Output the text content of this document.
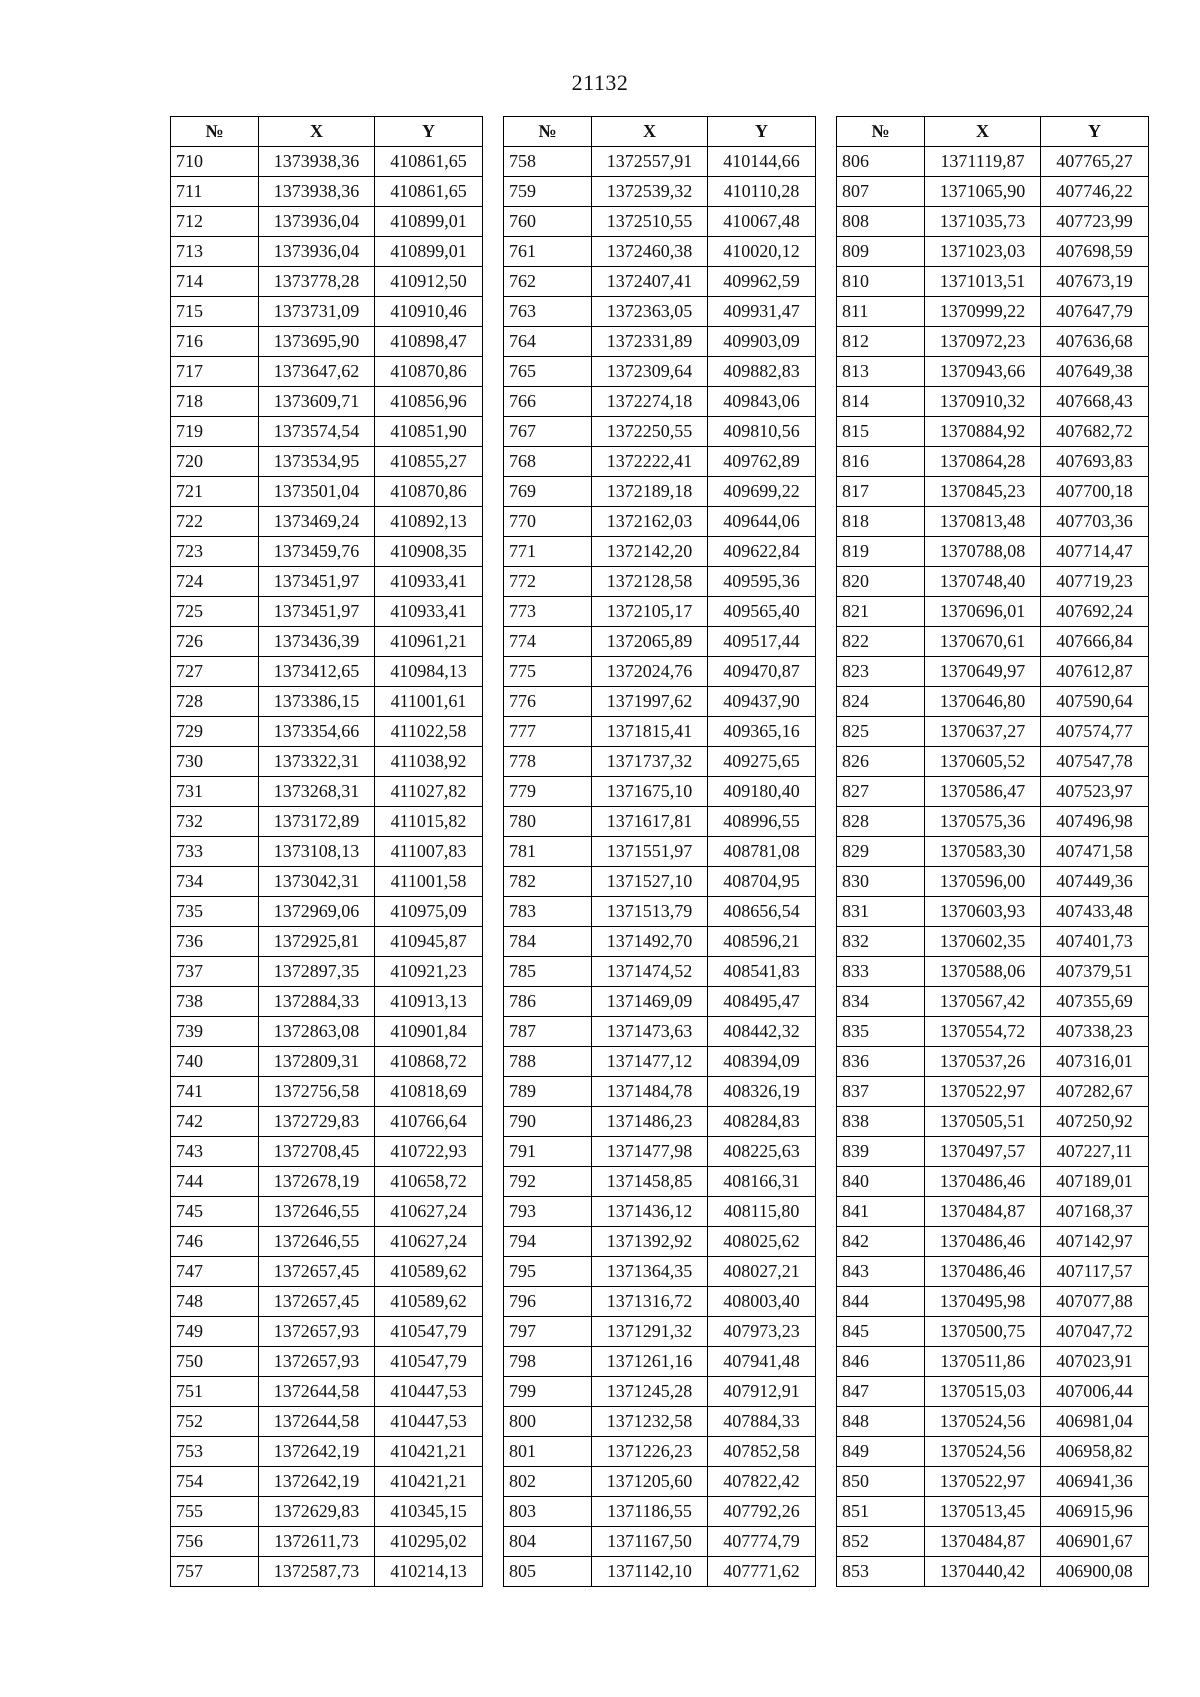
21132
№	X	Y
710	1373938,36	410861,65
711	1373938,36	410861,65
712	1373936,04	410899,01
713	1373936,04	410899,01
714	1373778,28	410912,50
715	1373731,09	410910,46
716	1373695,90	410898,47
717	1373647,62	410870,86
718	1373609,71	410856,96
719	1373574,54	410851,90
720	1373534,95	410855,27
721	1373501,04	410870,86
722	1373469,24	410892,13
723	1373459,76	410908,35
724	1373451,97	410933,41
725	1373451,97	410933,41
726	1373436,39	410961,21
727	1373412,65	410984,13
728	1373386,15	411001,61
729	1373354,66	411022,58
730	1373322,31	411038,92
731	1373268,31	411027,82
732	1373172,89	411015,82
733	1373108,13	411007,83
734	1373042,31	411001,58
735	1372969,06	410975,09
736	1372925,81	410945,87
737	1372897,35	410921,23
738	1372884,33	410913,13
739	1372863,08	410901,84
740	1372809,31	410868,72
741	1372756,58	410818,69
742	1372729,83	410766,64
743	1372708,45	410722,93
744	1372678,19	410658,72
745	1372646,55	410627,24
746	1372646,55	410627,24
747	1372657,45	410589,62
748	1372657,45	410589,62
749	1372657,93	410547,79
750	1372657,93	410547,79
751	1372644,58	410447,53
752	1372644,58	410447,53
753	1372642,19	410421,21
754	1372642,19	410421,21
755	1372629,83	410345,15
756	1372611,73	410295,02
757	1372587,73	410214,13
№	X	Y
758	1372557,91	410144,66
759	1372539,32	410110,28
760	1372510,55	410067,48
761	1372460,38	410020,12
762	1372407,41	409962,59
763	1372363,05	409931,47
764	1372331,89	409903,09
765	1372309,64	409882,83
766	1372274,18	409843,06
767	1372250,55	409810,56
768	1372222,41	409762,89
769	1372189,18	409699,22
770	1372162,03	409644,06
771	1372142,20	409622,84
772	1372128,58	409595,36
773	1372105,17	409565,40
774	1372065,89	409517,44
775	1372024,76	409470,87
776	1371997,62	409437,90
777	1371815,41	409365,16
778	1371737,32	409275,65
779	1371675,10	409180,40
780	1371617,81	408996,55
781	1371551,97	408781,08
782	1371527,10	408704,95
783	1371513,79	408656,54
784	1371492,70	408596,21
785	1371474,52	408541,83
786	1371469,09	408495,47
787	1371473,63	408442,32
788	1371477,12	408394,09
789	1371484,78	408326,19
790	1371486,23	408284,83
791	1371477,98	408225,63
792	1371458,85	408166,31
793	1371436,12	408115,80
794	1371392,92	408025,62
795	1371364,35	408027,21
796	1371316,72	408003,40
797	1371291,32	407973,23
798	1371261,16	407941,48
799	1371245,28	407912,91
800	1371232,58	407884,33
801	1371226,23	407852,58
802	1371205,60	407822,42
803	1371186,55	407792,26
804	1371167,50	407774,79
805	1371142,10	407771,62
№	X	Y
806	1371119,87	407765,27
807	1371065,90	407746,22
808	1371035,73	407723,99
809	1371023,03	407698,59
810	1371013,51	407673,19
811	1370999,22	407647,79
812	1370972,23	407636,68
813	1370943,66	407649,38
814	1370910,32	407668,43
815	1370884,92	407682,72
816	1370864,28	407693,83
817	1370845,23	407700,18
818	1370813,48	407703,36
819	1370788,08	407714,47
820	1370748,40	407719,23
821	1370696,01	407692,24
822	1370670,61	407666,84
823	1370649,97	407612,87
824	1370646,80	407590,64
825	1370637,27	407574,77
826	1370605,52	407547,78
827	1370586,47	407523,97
828	1370575,36	407496,98
829	1370583,30	407471,58
830	1370596,00	407449,36
831	1370603,93	407433,48
832	1370602,35	407401,73
833	1370588,06	407379,51
834	1370567,42	407355,69
835	1370554,72	407338,23
836	1370537,26	407316,01
837	1370522,97	407282,67
838	1370505,51	407250,92
839	1370497,57	407227,11
840	1370486,46	407189,01
841	1370484,87	407168,37
842	1370486,46	407142,97
843	1370486,46	407117,57
844	1370495,98	407077,88
845	1370500,75	407047,72
846	1370511,86	407023,91
847	1370515,03	407006,44
848	1370524,56	406981,04
849	1370524,56	406958,82
850	1370522,97	406941,36
851	1370513,45	406915,96
852	1370484,87	406901,67
853	1370440,42	406900,08
